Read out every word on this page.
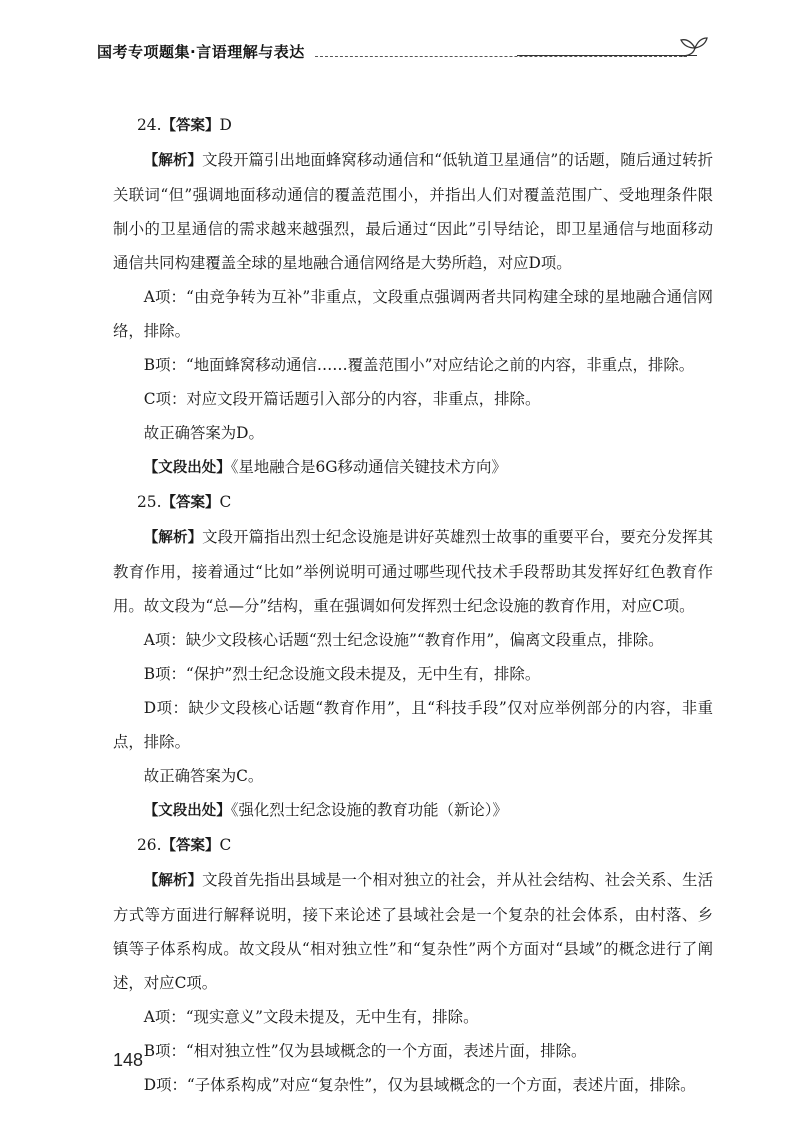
国考专项题集·言语理解与表达

24.【答案】D

【解析】文段开篇引出地面蜂窝移动通信和“低轨道卫星通信”的话题，随后通过转折关联词“但”强调地面移动通信的覆盖范围小，并指出人们对覆盖范围广、受地理条件限制小的卫星通信的需求越来越强烈，最后通过“因此”引导结论，即卫星通信与地面移动通信共同构建覆盖全球的星地融合通信网络是大势所趋，对应D项。

A项：“由竞争转为互补”非重点，文段重点强调两者共同构建全球的星地融合通信网络，排除。

B项：“地面蜂窝移动通信……覆盖范围小”对应结论之前的内容，非重点，排除。

C项：对应文段开篇话题引入部分的内容，非重点，排除。

故正确答案为D。

【文段出处】《星地融合是6G移动通信关键技术方向》

25.【答案】C

【解析】文段开篇指出烈士纪念设施是讲好英雄烈士故事的重要平台，要充分发挥其教育作用，接着通过“比如”举例说明可通过哪些现代技术手段帮助其发挥好红色教育作用。故文段为“总—分”结构，重在强调如何发挥烈士纪念设施的教育作用，对应C项。

A项：缺少文段核心话题“烈士纪念设施”“教育作用”，偏离文段重点，排除。

B项：“保护”烈士纪念设施文段未提及，无中生有，排除。

D项：缺少文段核心话题“教育作用”，且“科技手段”仅对应举例部分的内容，非重点，排除。

故正确答案为C。

【文段出处】《强化烈士纪念设施的教育功能（新论）》

26.【答案】C

【解析】文段首先指出县域是一个相对独立的社会，并从社会结构、社会关系、生活方式等方面进行解释说明，接下来论述了县域社会是一个复杂的社会体系，由村落、乡镇等子体系构成。故文段从“相对独立性”和“复杂性”两个方面对“县域”的概念进行了阐述，对应C项。

A项：“现实意义”文段未提及，无中生有，排除。

B项：“相对独立性”仅为县域概念的一个方面，表述片面，排除。

D项：“子体系构成”对应“复杂性”，仅为县域概念的一个方面，表述片面，排除。

148
